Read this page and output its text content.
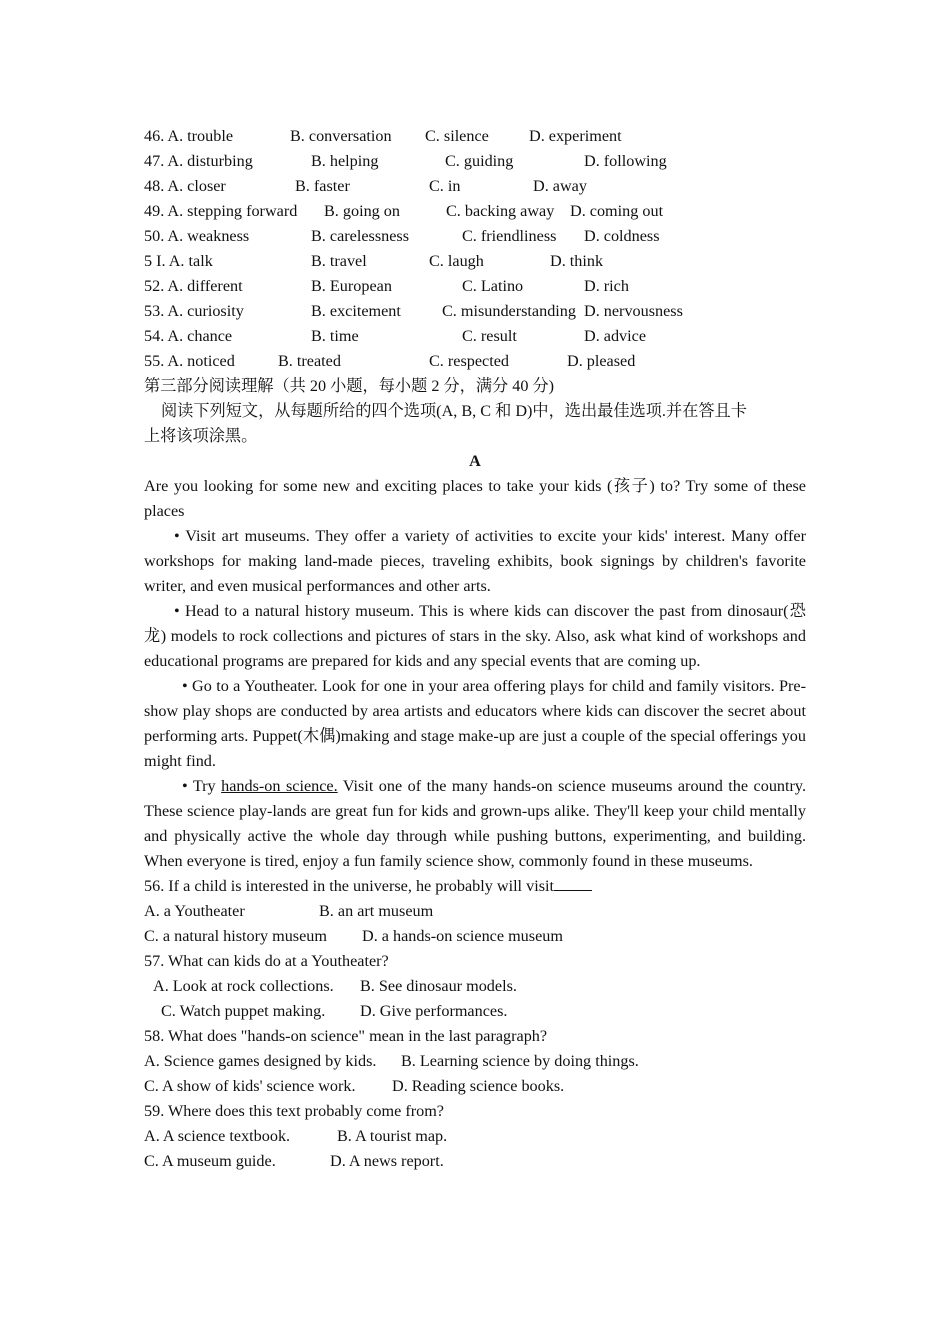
46. A. trouble	B. conversation C. silence D. experiment
47. A. disturbing	B. helping	C. guiding	D. following
48. A. closer	B. faster	C. in	D. away
49. A. stepping forward B. going on	C. backing away D. coming out
50. A. weakness	B. carelessness	C. friendliness D. coldness
5 I. A. talk	B. travel	C. laugh	D. think
52. A. different	B. European	C. Latino	D. rich
53. A. curiosity	B. excitement	C. misunderstanding D. nervousness
54. A. chance	B. time	C. result	D. advice
55. A. noticed	B. treated	C. respected	D. pleased
第三部分阅读理解（共 20 小题，每小题 2 分，满分 40 分)
阅读下列短文，从每题所给的四个选项(A, B, C 和 D)中，选出最佳选项.并在答且卡
上将该项涂黑。
A

Are you looking for some new and exciting places to take your kids (孩子) to? Try some of these places

• Visit art museums. They offer a variety of activities to excite your kids' interest. Many offer workshops for making land-made pieces, traveling exhibits, book signings by children's favorite writer, and even musical performances and other arts.

• Head to a natural history museum. This is where kids can discover the past from dinosaur(恐龙) models to rock collections and pictures of stars in the sky. Also, ask what kind of workshops and educational programs are prepared for kids and any special events that are coming up.

• Go to a Youtheater. Look for one in your area offering plays for child and family visitors. Pre-show play shops are conducted by area artists and educators where kids can discover the secret about performing arts. Puppet(木偶)making and stage make-up are just a couple of the special offerings you might find.

• Try hands-on science. Visit one of the many hands-on science museums around the country. These science play-lands are great fun for kids and grown-ups alike. They'll keep your child mentally and physically active the whole day through while pushing buttons, experimenting, and building. When everyone is tired, enjoy a fun family science show, commonly found in these museums.

56. If a child is interested in the universe, he probably will visit
A. a Youtheater	B. an art museum
C. a natural history museum D. a hands-on science museum
57. What can kids do at a Youtheater?
A. Look at rock collections. B. See dinosaur models.
C. Watch puppet making. D. Give performances.
58. What does "hands-on science" mean in the last paragraph?
A. Science games designed by kids. B. Learning science by doing things.
C. A show of kids' science work. D. Reading science books.
59. Where does this text probably come from?
A. A science textbook.	B. A tourist map.
C. A museum guide.	D. A news report.
